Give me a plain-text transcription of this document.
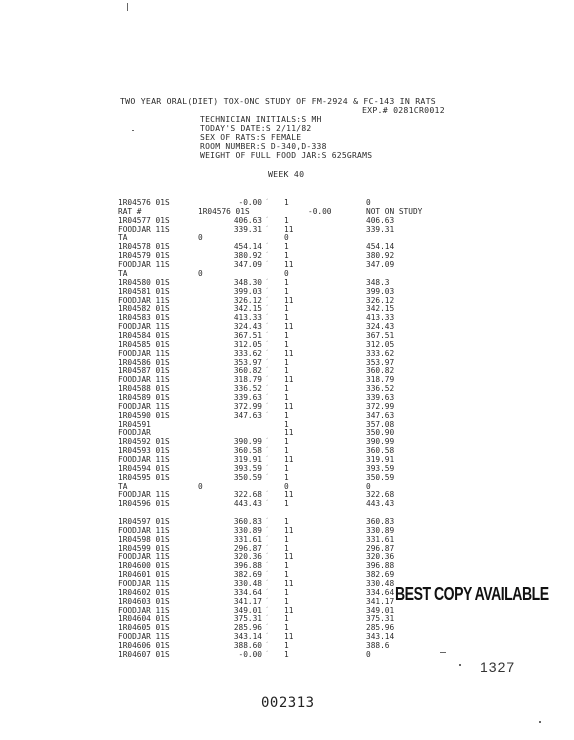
TWO YEAR ORAL(DIET) TOX-ONC STUDY OF FM-2924 & FC-143 IN RATS
EXP.# 0281CR0012
TECHNICIAN INITIALS:S MH
TODAY'S DATE:S 2/11/82
SEX OF RATS:S FEMALE
ROOM NUMBER:S D-340,D-338
WEIGHT OF FULL FOOD JAR:S 625GRAMS
WEEK 40
1R04576 01S	-0.00 ´ 1	0
RAT #	1R04576 01S	-0.00	NOT ON STUDY
1R04577 01S	406.63 ´ 1	406.63
FOODJAR 11S	339.31 ´ 11	339.31
TA	0	0
1R04578 01S	454.14 ´ 1	454.14
1R04579 01S	380.92 ´ 1	380.92
FOODJAR 11S	347.09 ´ 11	347.09
TA	0	0
1R04580 01S	348.30 ´ 1	348.3
1R04581 01S	399.03 ´ 1	399.03
FOODJAR 11S	326.12 ´ 11	326.12
1R04582 01S	342.15 ´ 1	342.15
1R04583 01S	413.33 ´ 1	413.33
FOODJAR 11S	324.43 ´ 11	324.43
1R04584 01S	367.51 ´ 1	367.51
1R04585 01S	312.05 ´ 1	312.05
FOODJAR 11S	333.62 ´ 11	333.62
1R04586 01S	353.97 ´ 1	353.97
1R04587 01S	360.82 ´ 1	360.82
FOODJAR 11S	318.79 ´ 11	318.79
1R04588 01S	336.52 ´ 1	336.52
1R04589 01S	339.63 ´ 1	339.63
FOODJAR 11S	372.99 ´ 11	372.99
1R04590 01S	347.63 ´ 1	347.63
1R04591	1	357.08
FOODJAR	11	350.90
1R04592 01S	390.99 ´ 1	390.99
1R04593 01S	360.58 ´ 1	360.58
FOODJAR 11S	319.91 ´ 11	319.91
1R04594 01S	393.59 ´ 1	393.59
1R04595 01S	350.59 ´ 1	350.59
TA	0	0	0
FOODJAR 11S	322.68 ´ 11	322.68
1R04596 01S	443.43 ´ 1	443.43
1R04597 01S	360.83 ´ 1	360.83
FOODJAR 11S	330.89 ´ 11	330.89
1R04598 01S	331.61 ´ 1	331.61
1R04599 01S	296.87 ´ 1	296.87
FOODJAR 11S	320.36 ´ 11	320.36
1R04600 01S	396.88 ´ 1	396.88
1R04601 01S	382.69 ´ 1	382.69
FOODJAR 11S	330.48 ´ 11	330.48
1R04602 01S	334.64 ´ 1	334.64
1R04603 01S	341.17 ´ 1	341.17
FOODJAR 11S	349.01 ´ 11	349.01
1R04604 01S	375.31 ´ 1	375.31
1R04605 01S	285.96 ´ 1	285.96
FOODJAR 11S	343.14 ´ 11	343.14
1R04606 01S	388.60 ´ 1	388.6
1R04607 01S	-0.00 ´ 1	0
BEST COPY AVAILABLE
1327
002313
